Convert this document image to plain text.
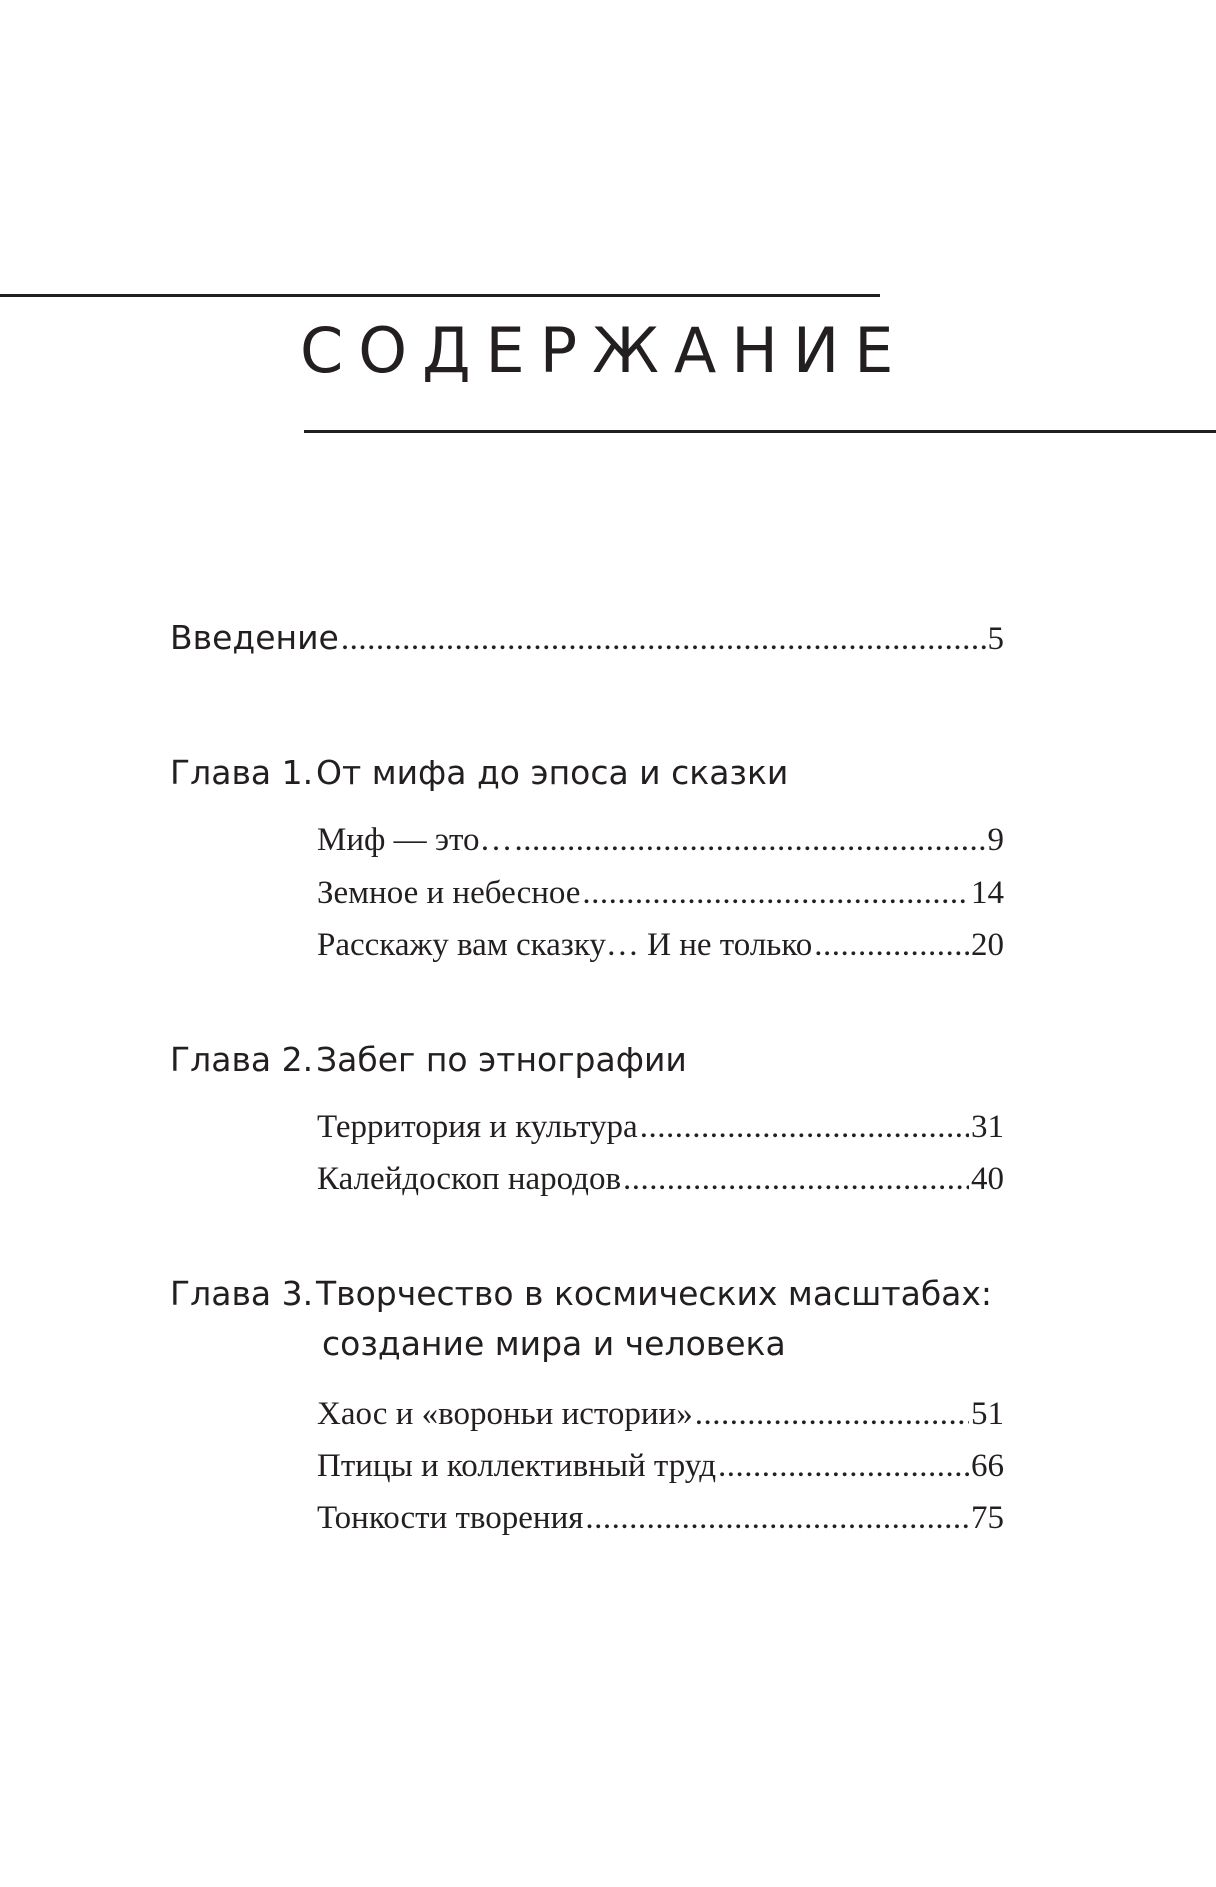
СОДЕРЖАНИЕ
Введение .....	5
Глава 1.От мифа до эпоса и сказки
Миф — это… .....	9
Земное и небесное .....	14
Расскажу вам сказку… И не только .....	20
Глава 2.Забег по этнографии
Территория и культура .....	31
Калейдоскоп народов .....	40
Глава 3.Творчество в космических масштабах:
создание мира и человека
Хаос и «вороньи истории» .....	51
Птицы и коллективный труд .....	66
Тонкости творения .....	75
